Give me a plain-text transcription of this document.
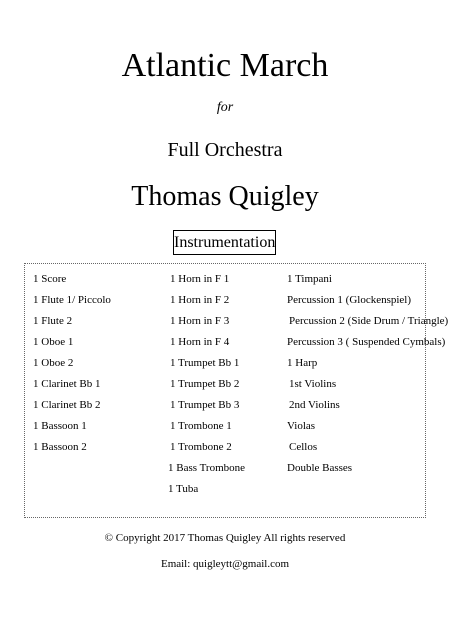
Atlantic March
for
Full Orchestra
Thomas Quigley
Instrumentation
1 Score
1 Flute 1/ Piccolo
1 Flute 2
1 Oboe 1
1 Oboe 2
1 Clarinet Bb 1
1 Clarinet Bb 2
1 Bassoon 1
1 Bassoon 2
1 Horn in F 1
1 Horn in F 2
1 Horn in F 3
1 Horn in F 4
1 Trumpet Bb 1
1 Trumpet Bb 2
1 Trumpet Bb 3
1 Trombone 1
1 Trombone 2
1 Bass Trombone
1 Tuba
1 Timpani
Percussion 1 (Glockenspiel)
Percussion 2 (Side Drum / Triangle)
Percussion 3 ( Suspended Cymbals)
1 Harp
1st Violins
2nd Violins
Violas
Cellos
Double Basses
© Copyright 2017 Thomas Quigley All rights reserved
Email: quigleytt@gmail.com
